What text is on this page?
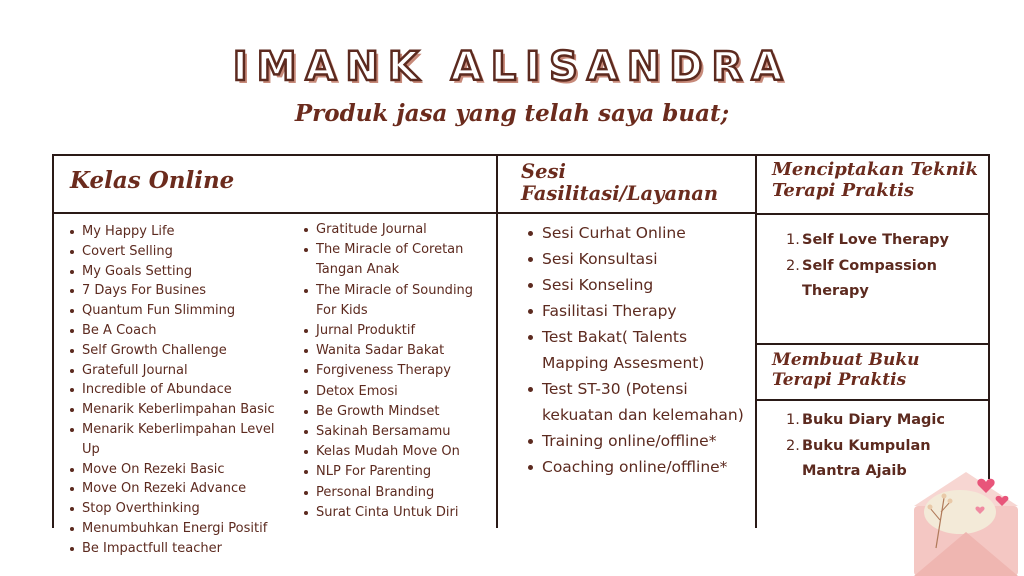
IMANK ALISANDRA
Produk jasa yang telah saya buat;
Kelas Online	Sesi Fasilitasi/Layanan
Menciptakan Teknik Terapi Praktis
Membuat Buku Terapi Praktis
My Happy Life
Covert Selling
My Goals Setting
7 Days For Busines
Quantum Fun Slimming
Be A Coach
Self Growth Challenge
Gratefull Journal
Incredible of Abundace
Menarik Keberlimpahan Basic
Menarik Keberlimpahan Level Up
Move On Rezeki Basic
Move On Rezeki Advance
Stop Overthinking
Menumbuhkan Energi Positif
Be Impactfull teacher
Gratitude Journal
The Miracle of Coretan Tangan Anak
The Miracle of Sounding For Kids
Jurnal Produktif
Wanita Sadar Bakat
Forgiveness Therapy
Detox Emosi
Be Growth Mindset
Sakinah Bersamamu
Kelas Mudah Move On
NLP For Parenting
Personal Branding
Surat Cinta Untuk Diri
Sesi Curhat Online
Sesi Konsultasi
Sesi Konseling
Fasilitasi Therapy
Test Bakat( Talents Mapping Assesment)
Test ST-30 (Potensi kekuatan dan kelemahan)
Training online/offline*
Coaching online/offline*
1. Self Love Therapy
2. Self Compassion Therapy
1. Buku Diary Magic
2. Buku Kumpulan Mantra Ajaib
